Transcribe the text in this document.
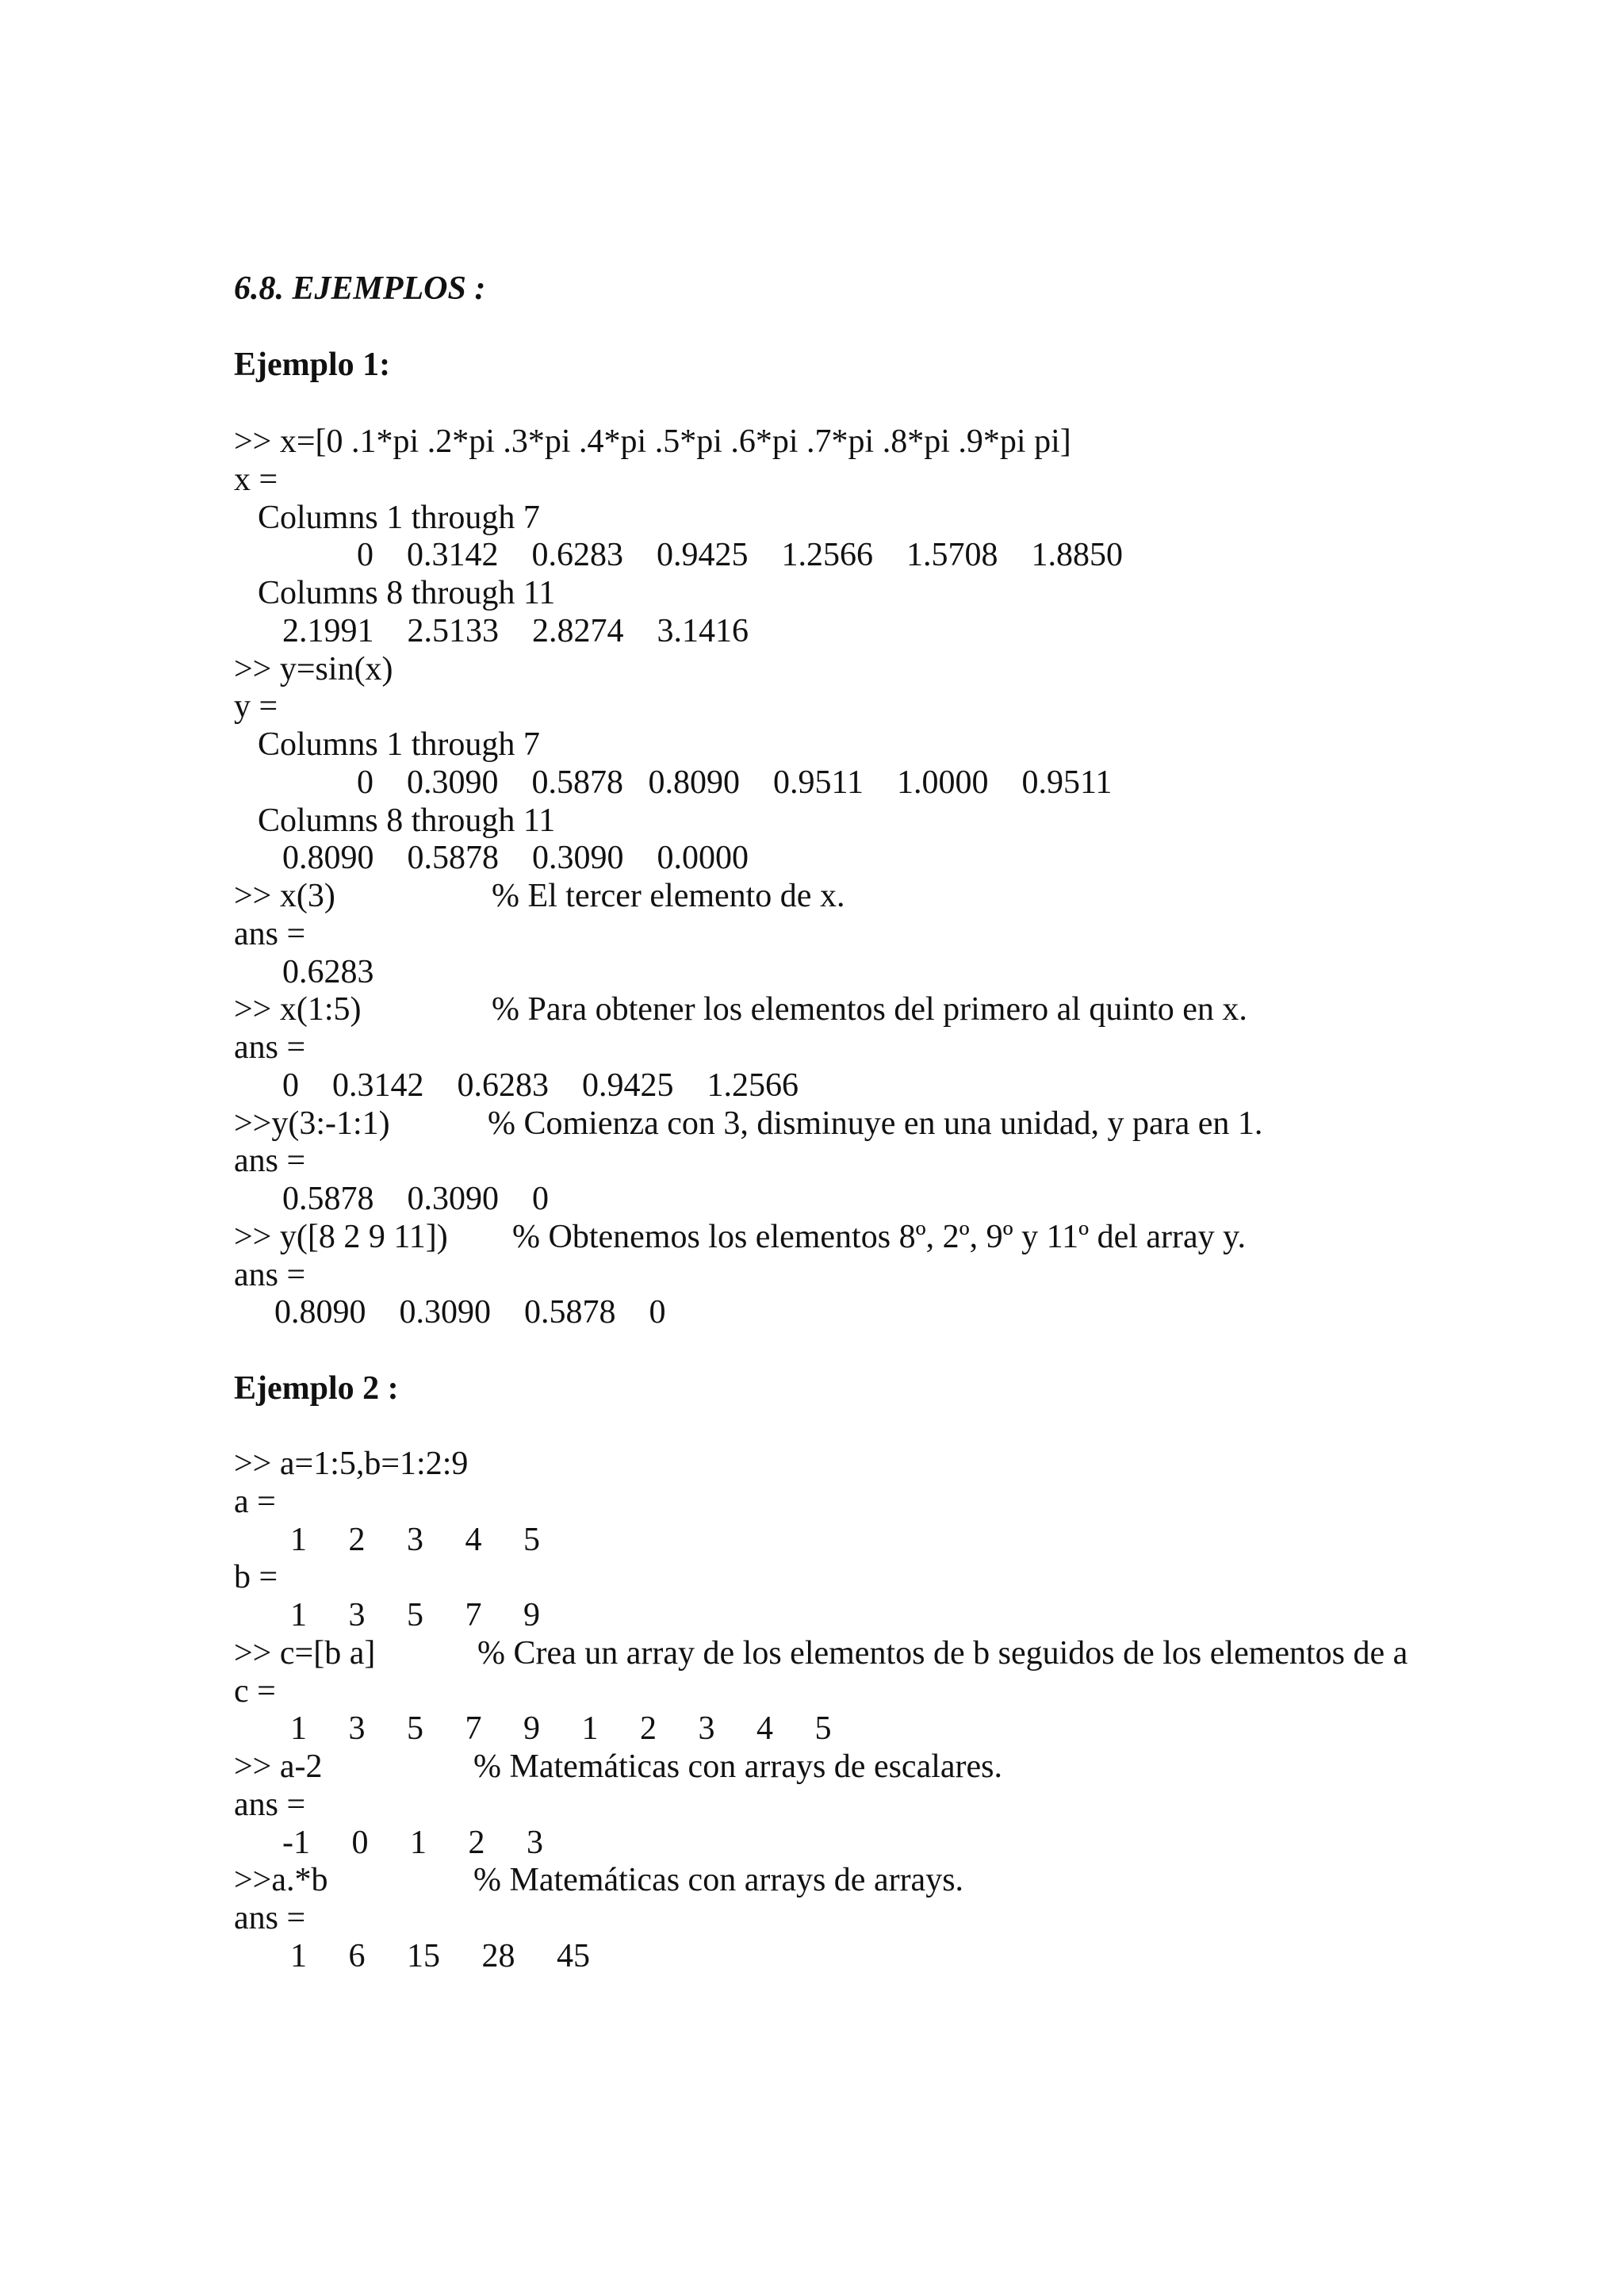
6.8. EJEMPLOS :
Ejemplo 1:
>> x=[0 .1*pi .2*pi .3*pi .4*pi .5*pi .6*pi .7*pi .8*pi .9*pi pi]
x =
Columns 1 through 7
0    0.3142    0.6283    0.9425    1.2566    1.5708    1.8850
Columns 8 through 11
2.1991    2.5133    2.8274    3.1416
>> y=sin(x)
y =
Columns 1 through 7
0    0.3090    0.5878   0.8090    0.9511    1.0000    0.9511
Columns 8 through 11
0.8090    0.5878    0.3090    0.0000
>> x(3)	% El tercer elemento de x.
ans =
0.6283
>> x(1:5)	% Para obtener los elementos del primero al quinto en x.
ans =
0    0.3142    0.6283    0.9425    1.2566
>>y(3:-1:1)	% Comienza con 3, disminuye en una unidad, y para en 1.
ans =
0.5878    0.3090    0
>> y([8 2 9 11]) % Obtenemos los elementos 8º, 2º, 9º y 11º del array y.
ans =
0.8090    0.3090    0.5878    0
Ejemplo 2 :
>> a=1:5,b=1:2:9
a =
1     2     3     4     5
b =
1     3     5     7     9
>> c=[b a]	% Crea un array de los elementos de b seguidos de los elementos de a
c =
1     3     5     7     9     1     2     3     4     5
>> a-2	% Matemáticas con arrays de escalares.
ans =
-1     0     1     2     3
>>a.*b	% Matemáticas con arrays de arrays.
ans =
1     6     15     28     45
